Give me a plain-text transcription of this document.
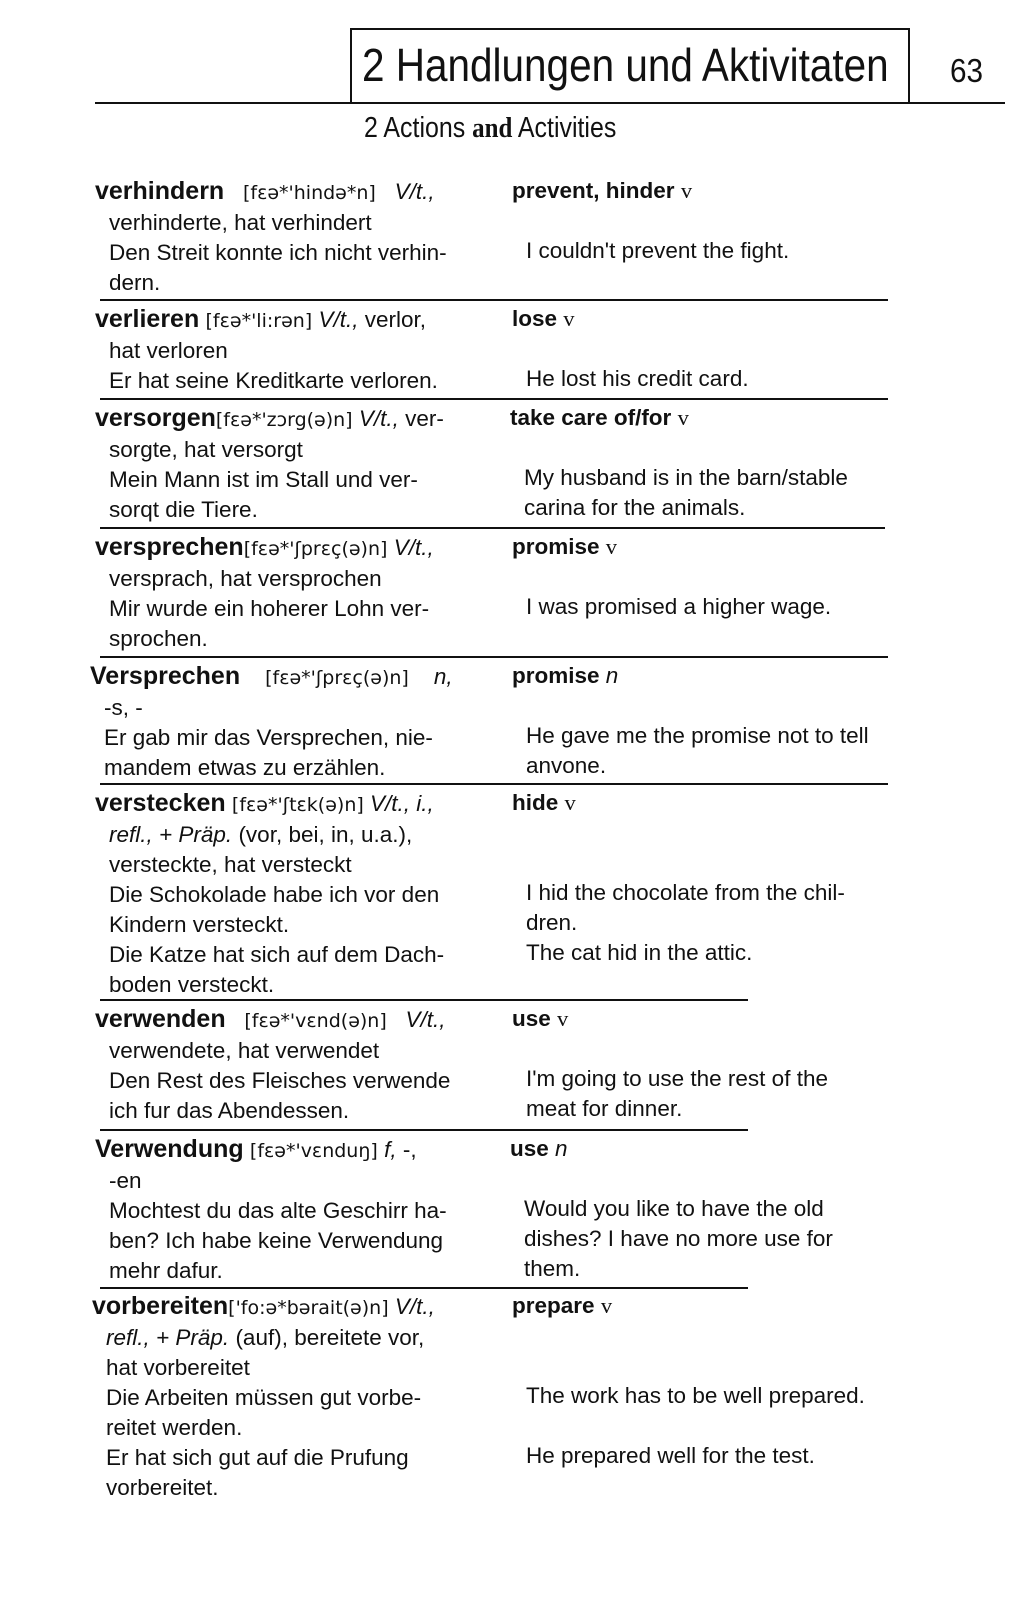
2 Handlungen und Aktivitaten 63
2 Actions and Activities
verhindern [fɛə*'hində*n] V/t.,
verhinderte, hat verhindert
Den Streit konnte ich nicht verhin-
dern.
prevent, hinder v
I couldn't prevent the fight.
verlieren [fɛə*'li:rən] V/t., verlor,
hat verloren
Er hat seine Kreditkarte verloren.
lose v
He lost his credit card.
versorgen[fɛə*'zɔrg(ə)n] V/t., ver-
sorgte, hat versorgt
Mein Mann ist im Stall und ver-
sorqt die Tiere.
take care of/for v
My husband is in the barn/stable
carina for the animals.
versprechen[fɛə*'ʃprɛç(ə)n] V/t.,
versprach, hat versprochen
Mir wurde ein hoherer Lohn ver-
sprochen.
promise v
I was promised a higher wage.
Versprechen [fɛə*'ʃprɛç(ə)n] n,
-s, -
Er gab mir das Versprechen, nie-
mandem etwas zu erzählen.
promise n
He gave me the promise not to tell
anvone.
verstecken [fɛə*'ʃtɛk(ə)n] V/t., i.,
refl., + Präp. (vor, bei, in, u.a.),
versteckte, hat versteckt
Die Schokolade habe ich vor den
Kindern versteckt.
Die Katze hat sich auf dem Dach-
boden versteckt.
hide v
I hid the chocolate from the chil-
dren.
The cat hid in the attic.
verwenden [fɛə*'vɛnd(ə)n] V/t.,
verwendete, hat verwendet
Den Rest des Fleisches verwende
ich fur das Abendessen.
use v
I'm going to use the rest of the
meat for dinner.
Verwendung [fɛə*'vɛnduŋ] f, -,
-en
Mochtest du das alte Geschirr ha-
ben? Ich habe keine Verwendung
mehr dafur.
use n
Would you like to have the old
dishes? I have no more use for
them.
vorbereiten['fo:ə*bərait(ə)n] V/t.,
refl., + Präp. (auf), bereitete vor,
hat vorbereitet
Die Arbeiten müssen gut vorbe-
reitet werden.
Er hat sich gut auf die Prufung
vorbereitet.
prepare v
The work has to be well prepared.
He prepared well for the test.
